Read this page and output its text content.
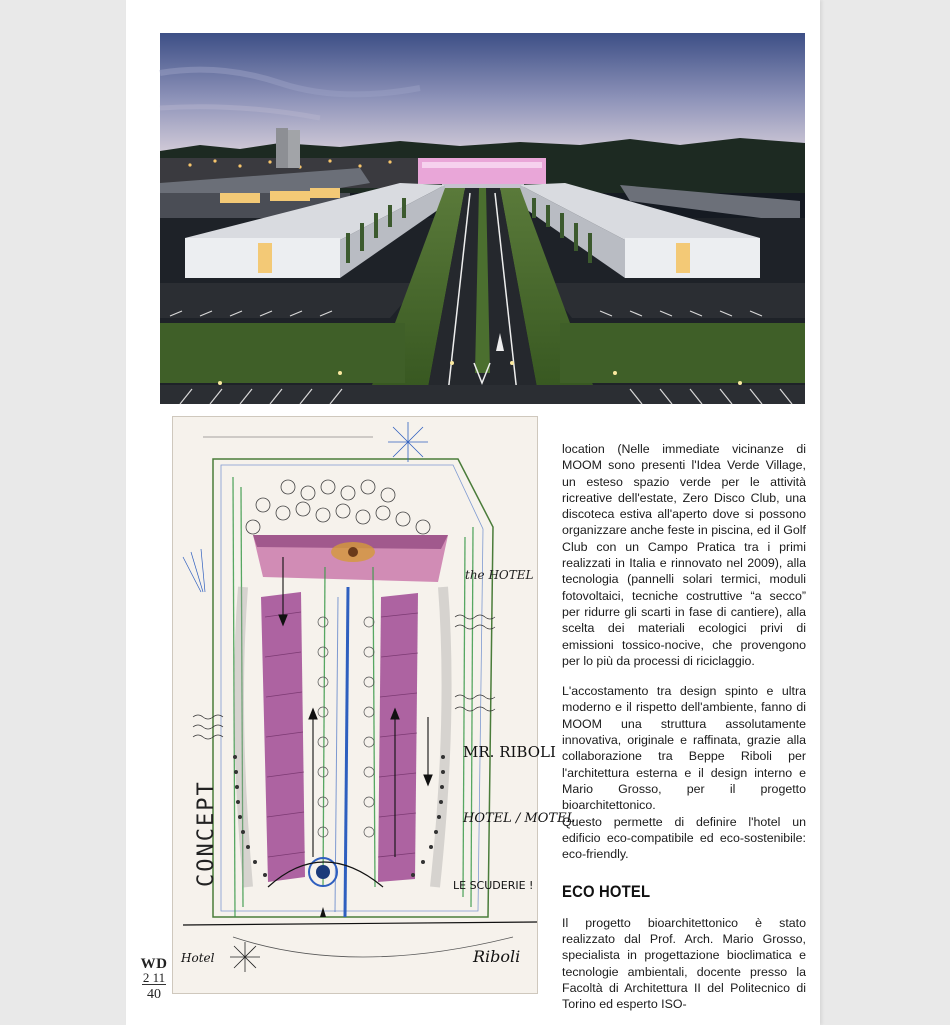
CONCEPT
the HOTEL
MR. RIBOLI
HOTEL / MOTEL
LE SCUDERIE !
Riboli
Hotel

location (Nelle immediate vicinanze di MOOM sono presenti l'Idea Verde Village, un esteso spazio verde per le attività ricreative dell'estate, Zero Disco Club, una discoteca estiva all'aperto dove si possono organizzare anche feste in piscina, ed il Golf Club con un Campo Pratica tra i primi realizzati in Italia e rinnovato nel 2009), alla tecnologia (pannelli solari termici, moduli fotovoltaici, tecniche costruttive “a secco” per ridurre gli scarti in fase di cantiere), alla scelta dei materiali ecologici privi di emissioni tossico-nocive, che provengono per lo più da processi di riciclaggio.

L'accostamento tra design spinto e ultra moderno e il rispetto dell'ambiente, fanno di MOOM una struttura assolutamente innovativa, originale e raffinata, grazie alla collaborazione tra Beppe Riboli per l'architettura esterna e il design interno e Mario Grosso, per il progetto bioarchitettonico.

Questo permette di definire l'hotel un edificio eco-compatibile ed eco-sostenibile: eco-friendly.

ECO HOTEL

Il progetto bioarchitettonico è stato realizzato dal Prof. Arch. Mario Grosso, specialista in progettazione bioclimatica e tecnologie ambientali, docente presso la Facoltà di Architettura II del Politecnico di Torino ed esperto ISO-

WD
2 11
40
